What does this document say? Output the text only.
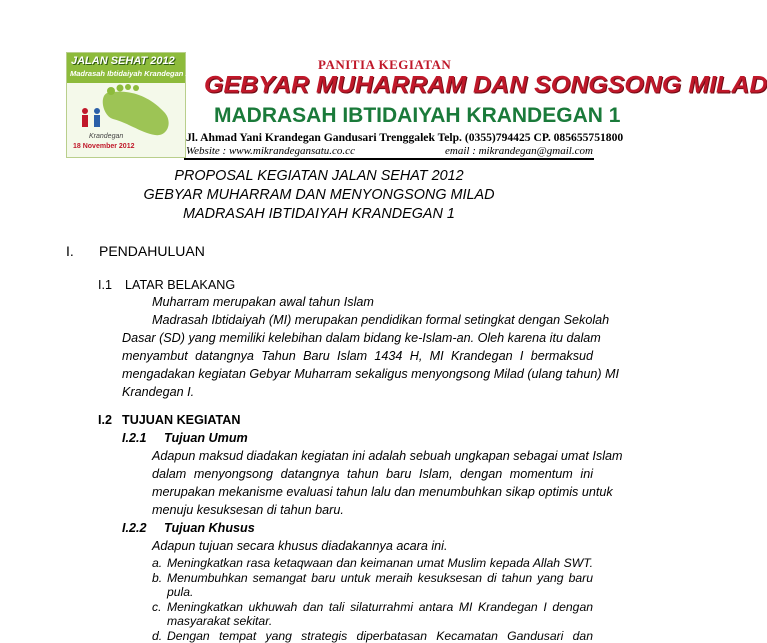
JALAN SEHAT 2012
Madrasah Ibtidaiyah Krandegan 1
Krandegan
18 November 2012
PANITIA KEGIATAN
GEBYAR MUHARRAM DAN SONGSONG MILAD
MADRASAH IBTIDAIYAH KRANDEGAN 1
Jl. Ahmad Yani Krandegan Gandusari Trenggalek Telp. (0355)794425 CP. 085655751800
Website : www.mikrandegansatu.co.cc	email : mikrandegan@gmail.com
PROPOSAL KEGIATAN JALAN SEHAT 2012
GEBYAR MUHARRAM DAN MENYONGSONG MILAD
MADRASAH IBTIDAIYAH KRANDEGAN 1
I. PENDAHULUAN
I.1 LATAR BELAKANG
Muharram merupakan awal tahun Islam
Madrasah Ibtidaiyah (MI) merupakan pendidikan formal setingkat dengan Sekolah
Dasar (SD) yang memiliki kelebihan dalam bidang ke-Islam-an. Oleh karena itu dalam
menyambut datangnya Tahun Baru Islam 1434 H, MI Krandegan I bermaksud
mengadakan kegiatan Gebyar Muharram sekaligus menyongsong Milad (ulang tahun) MI
Krandegan I.
I.2 TUJUAN KEGIATAN
I.2.1 Tujuan Umum
Adapun maksud diadakan kegiatan ini adalah sebuah ungkapan sebagai umat Islam
dalam menyongsong datangnya tahun baru Islam, dengan momentum ini
merupakan mekanisme evaluasi tahun lalu dan menumbuhkan sikap optimis untuk
menuju kesuksesan di tahun baru.
I.2.2 Tujuan Khusus
Adapun tujuan secara khusus diadakannya acara ini.
a. Meningkatkan rasa ketaqwaan dan keimanan umat Muslim kepada Allah SWT.
b. Menumbuhkan semangat baru untuk meraih kesuksesan di tahun yang baru
pula.
c. Meningkatkan ukhuwah dan tali silaturrahmi antara MI Krandegan I dengan
masyarakat sekitar.
d. Dengan tempat yang strategis diperbatasan Kecamatan Gandusari dan
